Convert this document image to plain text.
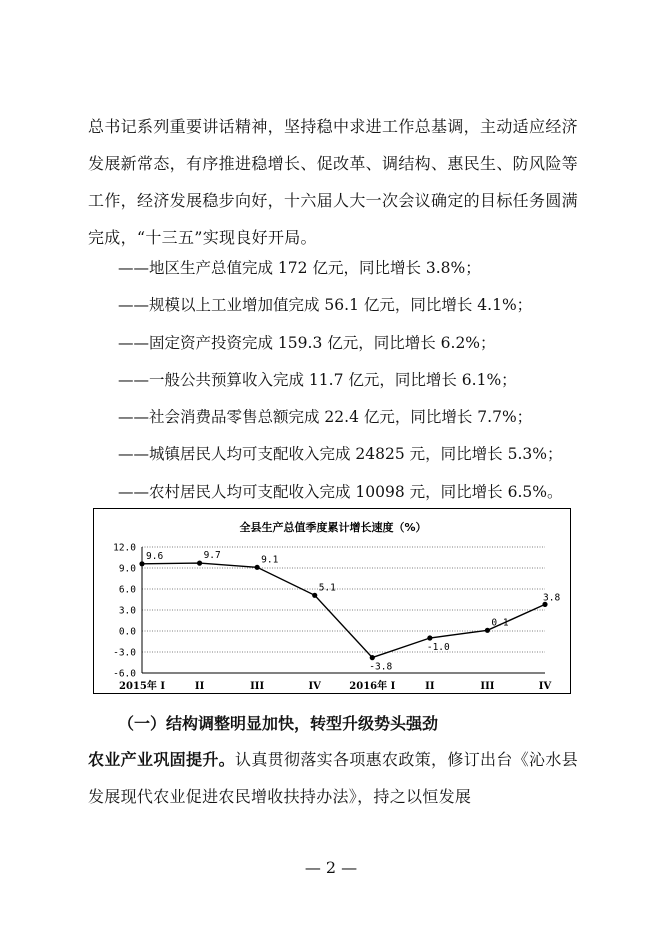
总书记系列重要讲话精神，坚持稳中求进工作总基调，主动适应经济发展新常态，有序推进稳增长、促改革、调结构、惠民生、防风险等工作，经济发展稳步向好，十六届人大一次会议确定的目标任务圆满完成，“十三五”实现良好开局。

——地区生产总值完成 172 亿元，同比增长 3.8%；
——规模以上工业增加值完成 56.1 亿元，同比增长 4.1%；
——固定资产投资完成 159.3 亿元，同比增长 6.2%；
——一般公共预算收入完成 11.7 亿元，同比增长 6.1%；
——社会消费品零售总额完成 22.4 亿元，同比增长 7.7%；
——城镇居民人均可支配收入完成 24825 元，同比增长 5.3%；
——农村居民人均可支配收入完成 10098 元，同比增长 6.5%。
全县生产总值季度累计增长速度（%）
12.0
9.0
6.0
3.0
0.0
-3.0
-6.0
2015年 I	II	III	IV	2016年 I	II	III	IV
9.6	9.7	9.1
5.1
-3.8
-1.0
0.1
3.8

（一）结构调整明显加快，转型升级势头强劲

农业产业巩固提升。认真贯彻落实各项惠农政策，修订出台《沁水县发展现代农业促进农民增收扶持办法》，持之以恒发展

— 2 —
